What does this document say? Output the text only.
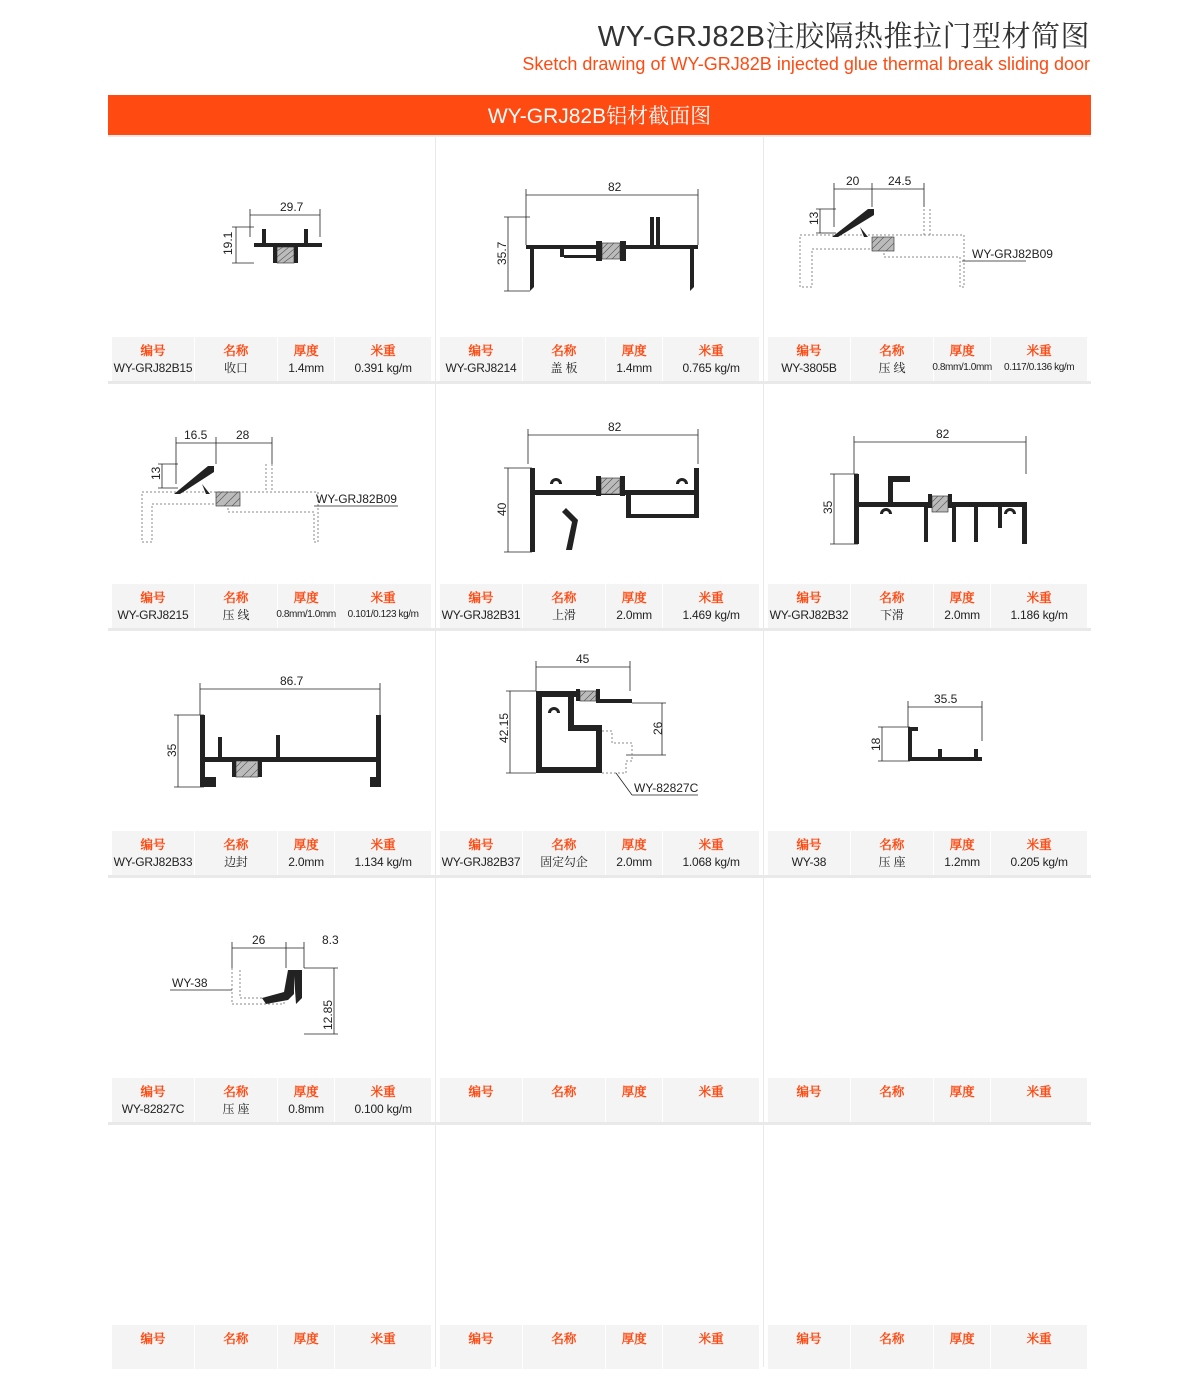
WY-GRJ82B注胶隔热推拉门型材简图
Sketch drawing of WY-GRJ82B injected glue thermal break sliding door
WY-GRJ82B铝材截面图
29.7
19.1
编号
WY-GRJ82B15
名称
收口
厚度
1.4mm
米重
0.391 kg/m
82
35.7
编号
WY-GRJ8214
名称
盖 板
厚度
1.4mm
米重
0.765 kg/m
20 24.5
13
WY-GRJ82B09
编号
WY-3805B
名称
压 线
厚度
0.8mm/1.0mm
米重
0.117/0.136 kg/m
16.5 28
13
WY-GRJ82B09
编号
WY-GRJ8215
名称
压 线
厚度
0.8mm/1.0mm
米重
0.101/0.123 kg/m
82
40
编号
WY-GRJ82B31
名称
上滑
厚度
2.0mm
米重
1.469 kg/m
82
35
编号
WY-GRJ82B32
名称
下滑
厚度
2.0mm
米重
1.186 kg/m
86.7
35
编号
WY-GRJ82B33
名称
边封
厚度
2.0mm
米重
1.134 kg/m
45
42.15	26
WY-82827C
编号
WY-GRJ82B37
名称
固定勾企
厚度
2.0mm
米重
1.068 kg/m
35.5
18
编号
WY-38
名称
压 座
厚度
1.2mm
米重
0.205 kg/m
26	8.3
12.85
WY-38
编号
WY-82827C
名称
压 座
厚度
0.8mm
米重
0.100 kg/m
编号	名称	厚度	米重	编号	名称	厚度	米重
编号	名称	厚度	米重	编号	名称	厚度	米重	编号	名称	厚度	米重
